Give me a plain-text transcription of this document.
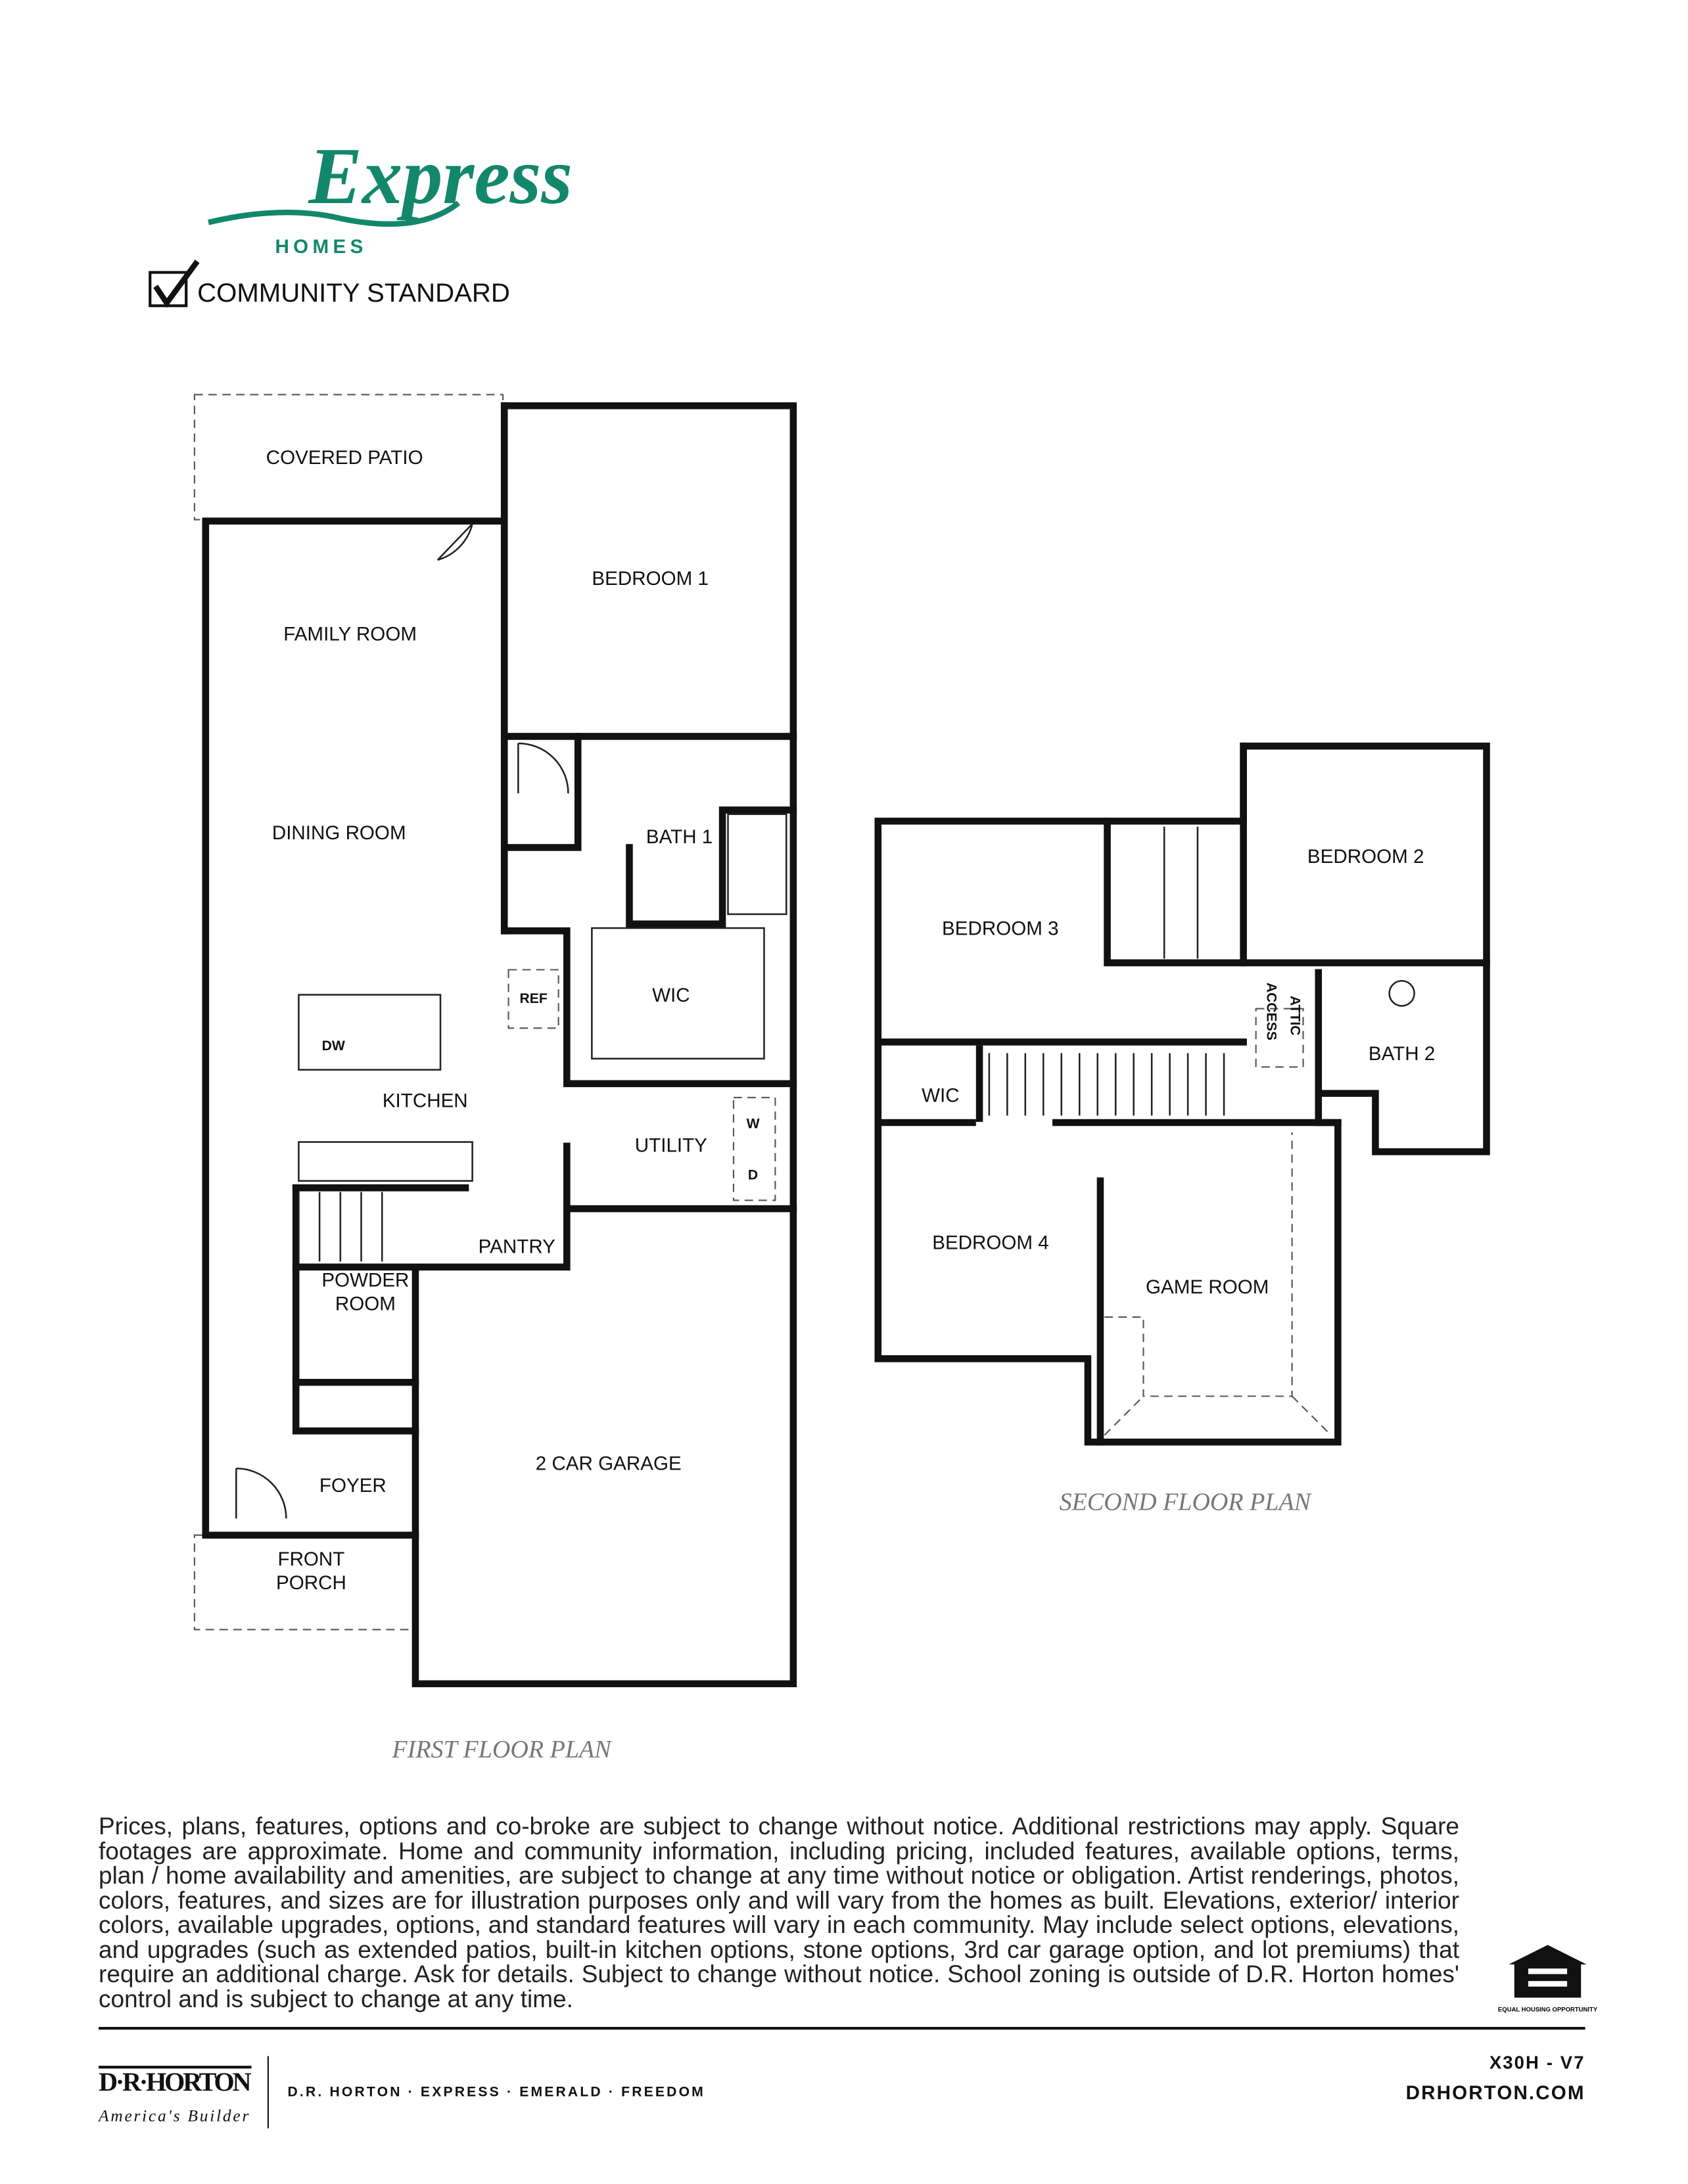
Express
HOMES
COMMUNITY STANDARD
COVERED PATIO
BEDROOM 1
FAMILY ROOM
DINING ROOM	BATH 1
WIC
REF
DW
KITCHEN
UTILITY
W
D
PANTRY
POWDER
ROOM
FOYER
2 CAR GARAGE
FRONT
PORCH
FIRST FLOOR PLAN
BEDROOM 3
BEDROOM 2
ATTIC
ACCESS
BATH 2
WIC
BEDROOM 4
GAME ROOM
SECOND FLOOR PLAN
EQUAL HOUSING OPPORTUNITY
D·R·HORTON
America's Builder
D.R. HORTON · EXPRESS · EMERALD · FREEDOM
X30H - V7
DRHORTON.COM
Prices, plans, features, options and co-broke are subject to change without notice. Additional restrictions may apply. Square footages are approximate. Home and community information, including pricing, included features, available options, terms, plan / home availability and amenities, are subject to change at any time without notice or obligation. Artist renderings, photos, colors, features, and sizes are for illustration purposes only and will vary from the homes as built. Elevations, exterior/ interior colors, available upgrades, options, and standard features will vary in each community. May include select options, elevations, and upgrades (such as extended patios, built-in kitchen options, stone options, 3rd car garage option, and lot premiums) that require an additional charge. Ask for details. Subject to change without notice. School zoning is outside of D.R. Horton homes' control and is subject to change at any time.
